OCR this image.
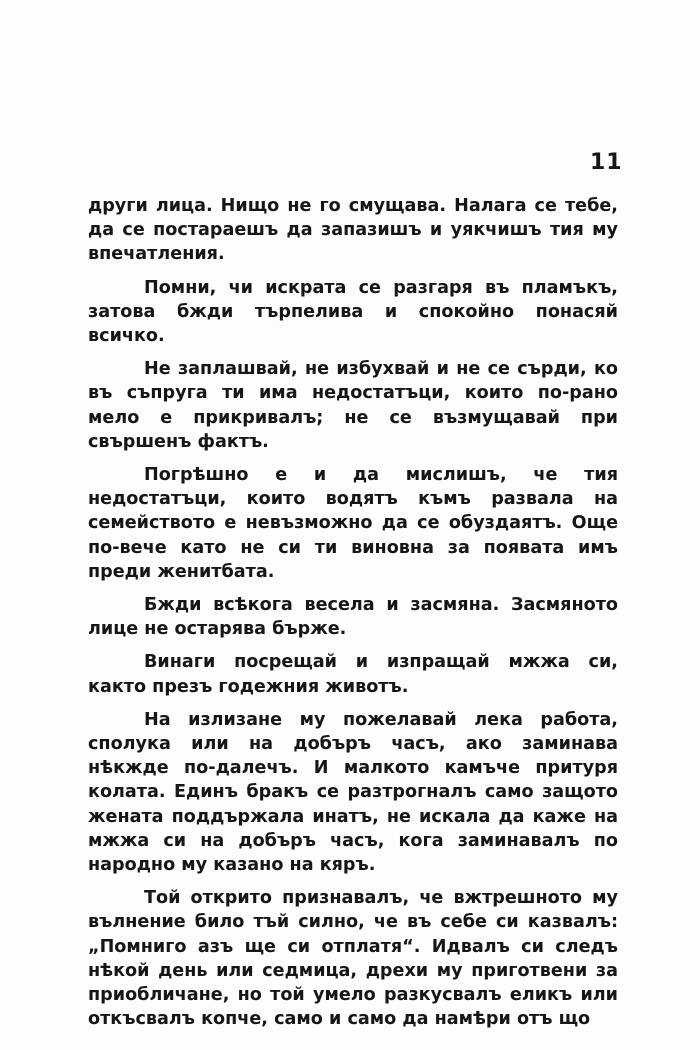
11

други лица. Нищо не го смущава. Налага се тебе, да се постараешъ да запазишъ и уякчишъ тия му впечатления.

Помни, чи искрата се разгаря въ пламъкъ, затова бжди търпелива и спокойно понасяй всичко.

Не заплашвай, не избухвай и не се сърди, ко въ съпруга ти има недостатъци, които по-рано мело е прикривалъ; не се възмущавай при свършенъ фактъ.

Погрѣшно е и да мислишъ, че тия недостатъци, които водятъ къмъ развала на семейството е невъзможно да се обуздаятъ. Още по-вече като не си ти виновна за появата имъ преди женитбата.

Бжди всѣкога весела и засмяна. Засмяното лице не остарява бърже.

Винаги посрещай и изпращай мжжа си, както презъ годежния животъ.

На излизане му пожелавай лека работа, сполука или на добъръ часъ, ако заминава нѣкжде по-далечъ. И малкото камъче притуря колата. Единъ бракъ се разтрогналъ само защото жената поддържала инатъ, не искала да каже на мжжа си на добъръ часъ, кога заминавалъ по народно му казано на кяръ.

Той открито признавалъ, че вжтрешното му вълнение било тъй силно, че въ себе си казвалъ: „Помниго азъ ще си отплатя“. Идвалъ си следъ нѣкой день или седмица, дрехи му приготвени за приобличане, но той умело разкусвалъ еликъ или откъсвалъ копче, само и само да намѣри отъ що
